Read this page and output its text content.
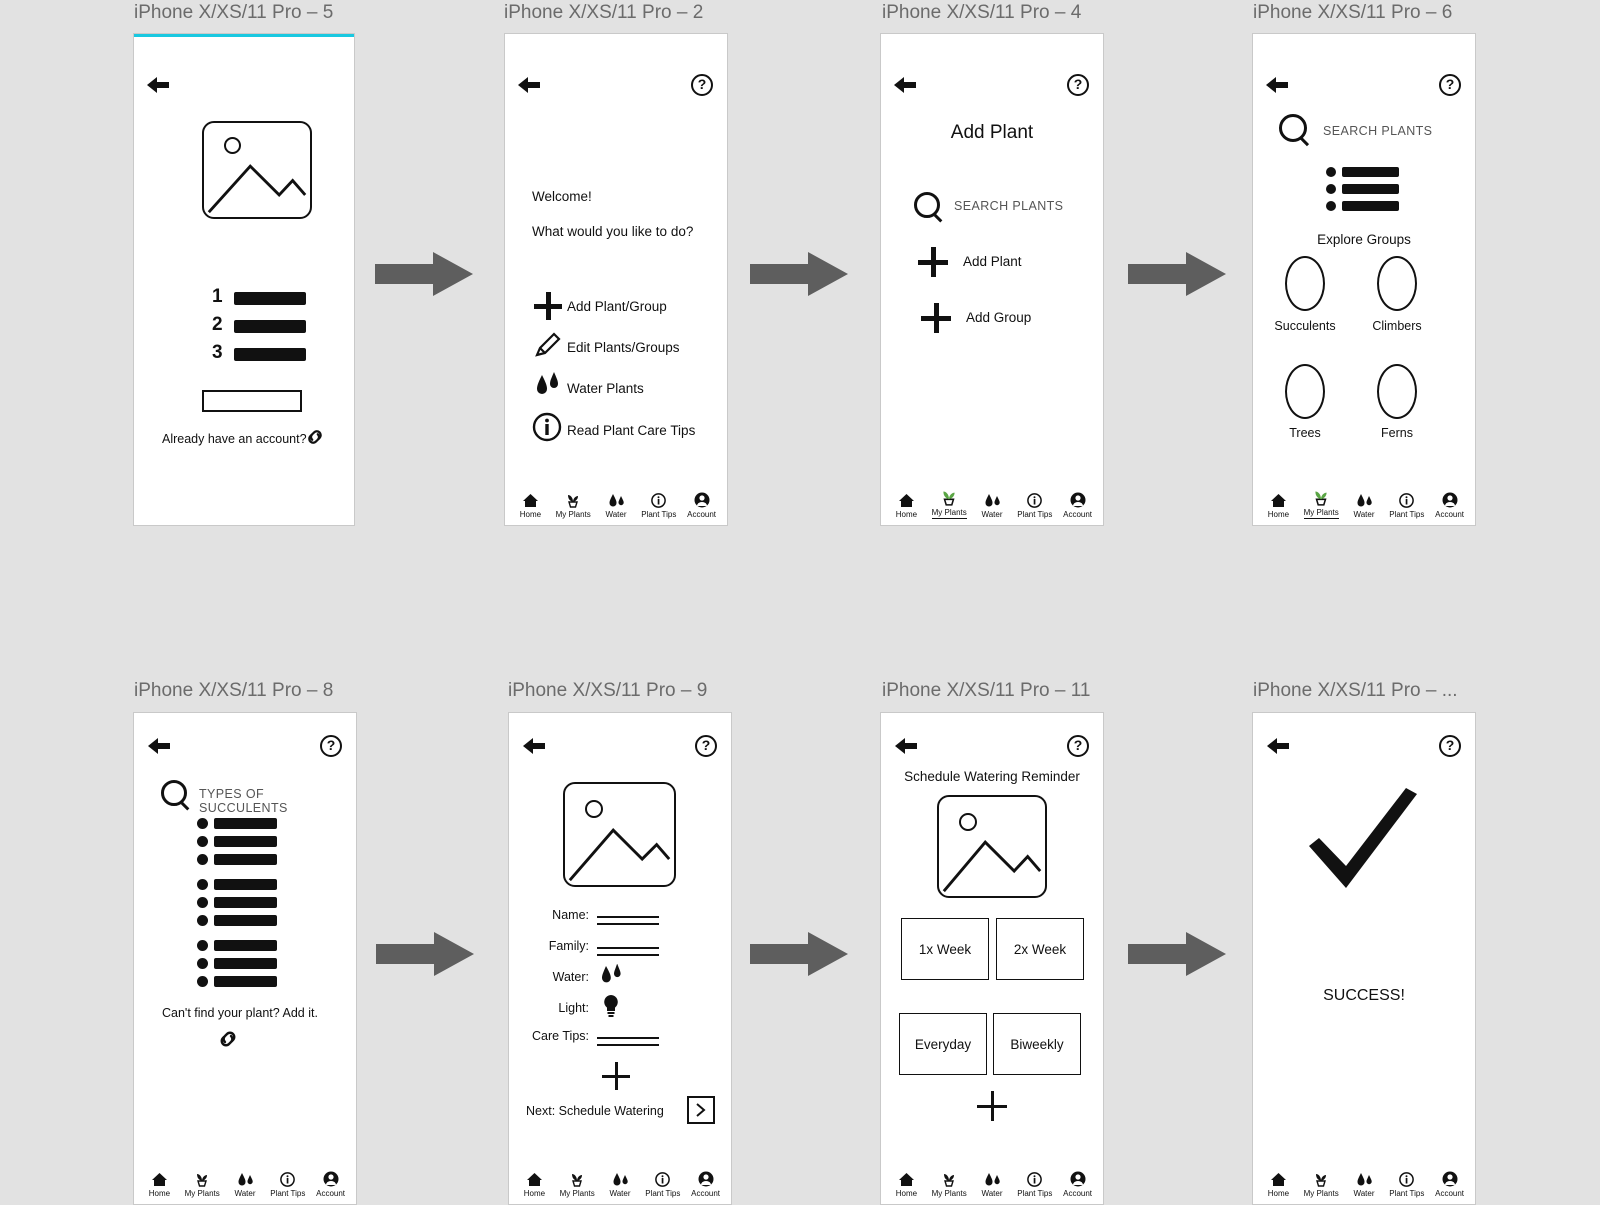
iPhone X/XS/11 Pro – 5
1
2
3
Already have an account?
iPhone X/XS/11 Pro – 2
?
Welcome!
What would you like to do?
Add Plant/Group
Edit Plants/Groups
Water Plants
Read Plant Care Tips
Home My Plants Water Plant Tips Account
iPhone X/XS/11 Pro – 4
?
Add Plant
SEARCH PLANTS
Add Plant
Add Group
Home My Plants Water Plant Tips Account
iPhone X/XS/11 Pro – 6
?
SEARCH PLANTS
Explore Groups
Succulents	Climbers
Trees	Ferns
Home My Plants Water Plant Tips Account
iPhone X/XS/11 Pro – 8
?
TYPES OF SUCCULENTS
Can't find your plant? Add it.
Home My Plants Water Plant Tips Account
iPhone X/XS/11 Pro – 9
?
Name:
Family:
Water:
Light:
Care Tips:
Next: Schedule Watering
Home My Plants Water Plant Tips Account
iPhone X/XS/11 Pro – 11
?
Schedule Watering Reminder
1x Week	2x Week
Everyday	Biweekly
Home My Plants Water Plant Tips Account
iPhone X/XS/11 Pro – ...
?
SUCCESS!
Home My Plants Water Plant Tips Account
